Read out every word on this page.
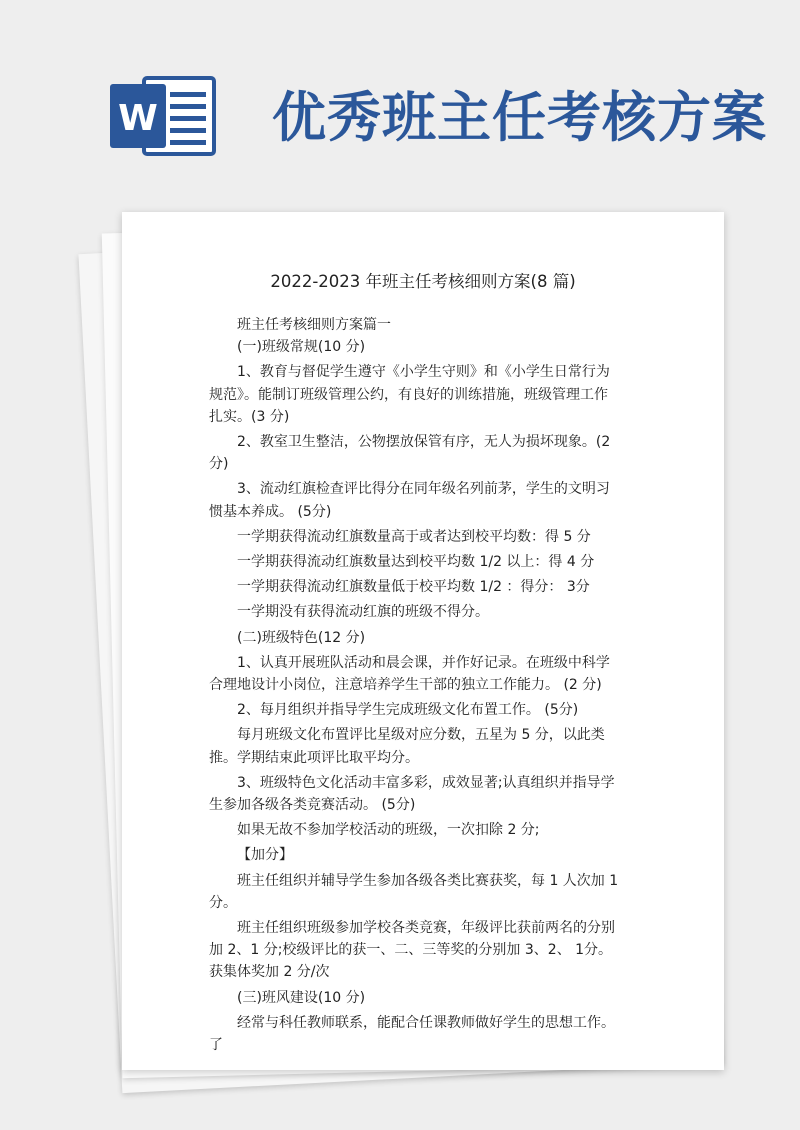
W 优秀班主任考核方案
2022-2023 年班主任考核细则方案(8 篇)
班主任考核细则方案篇一
(一)班级常规(10 分)
1、教育与督促学生遵守《小学生守则》和《小学生日常行为规范》。能制订班级管理公约，有良好的训练措施，班级管理工作扎实。(3 分)
2、教室卫生整洁，公物摆放保管有序，无人为损坏现象。(2 分)
3、流动红旗检查评比得分在同年级名列前茅，学生的文明习惯基本养成。 (5分)
一学期获得流动红旗数量高于或者达到校平均数：得 5 分
一学期获得流动红旗数量达到校平均数 1/2 以上：得 4 分
一学期获得流动红旗数量低于校平均数 1/2 ：得分： 3分
一学期没有获得流动红旗的班级不得分。
(二)班级特色(12 分)
1、认真开展班队活动和晨会课，并作好记录。在班级中科学合理地设计小岗位，注意培养学生干部的独立工作能力。 (2 分)
2、每月组织并指导学生完成班级文化布置工作。 (5分)
每月班级文化布置评比星级对应分数，五星为 5 分，以此类推。学期结束此项评比取平均分。
3、班级特色文化活动丰富多彩，成效显著;认真组织并指导学生参加各级各类竞赛活动。 (5分)
如果无故不参加学校活动的班级，一次扣除 2 分;
【加分】
班主任组织并辅导学生参加各级各类比赛获奖，每 1 人次加 1 分。
班主任组织班级参加学校各类竞赛，年级评比获前两名的分别加 2、1 分;校级评比的获一、二、三等奖的分别加 3、2、 1分。获集体奖加 2 分/次
(三)班风建设(10 分)
经常与科任教师联系，能配合任课教师做好学生的思想工作。了
